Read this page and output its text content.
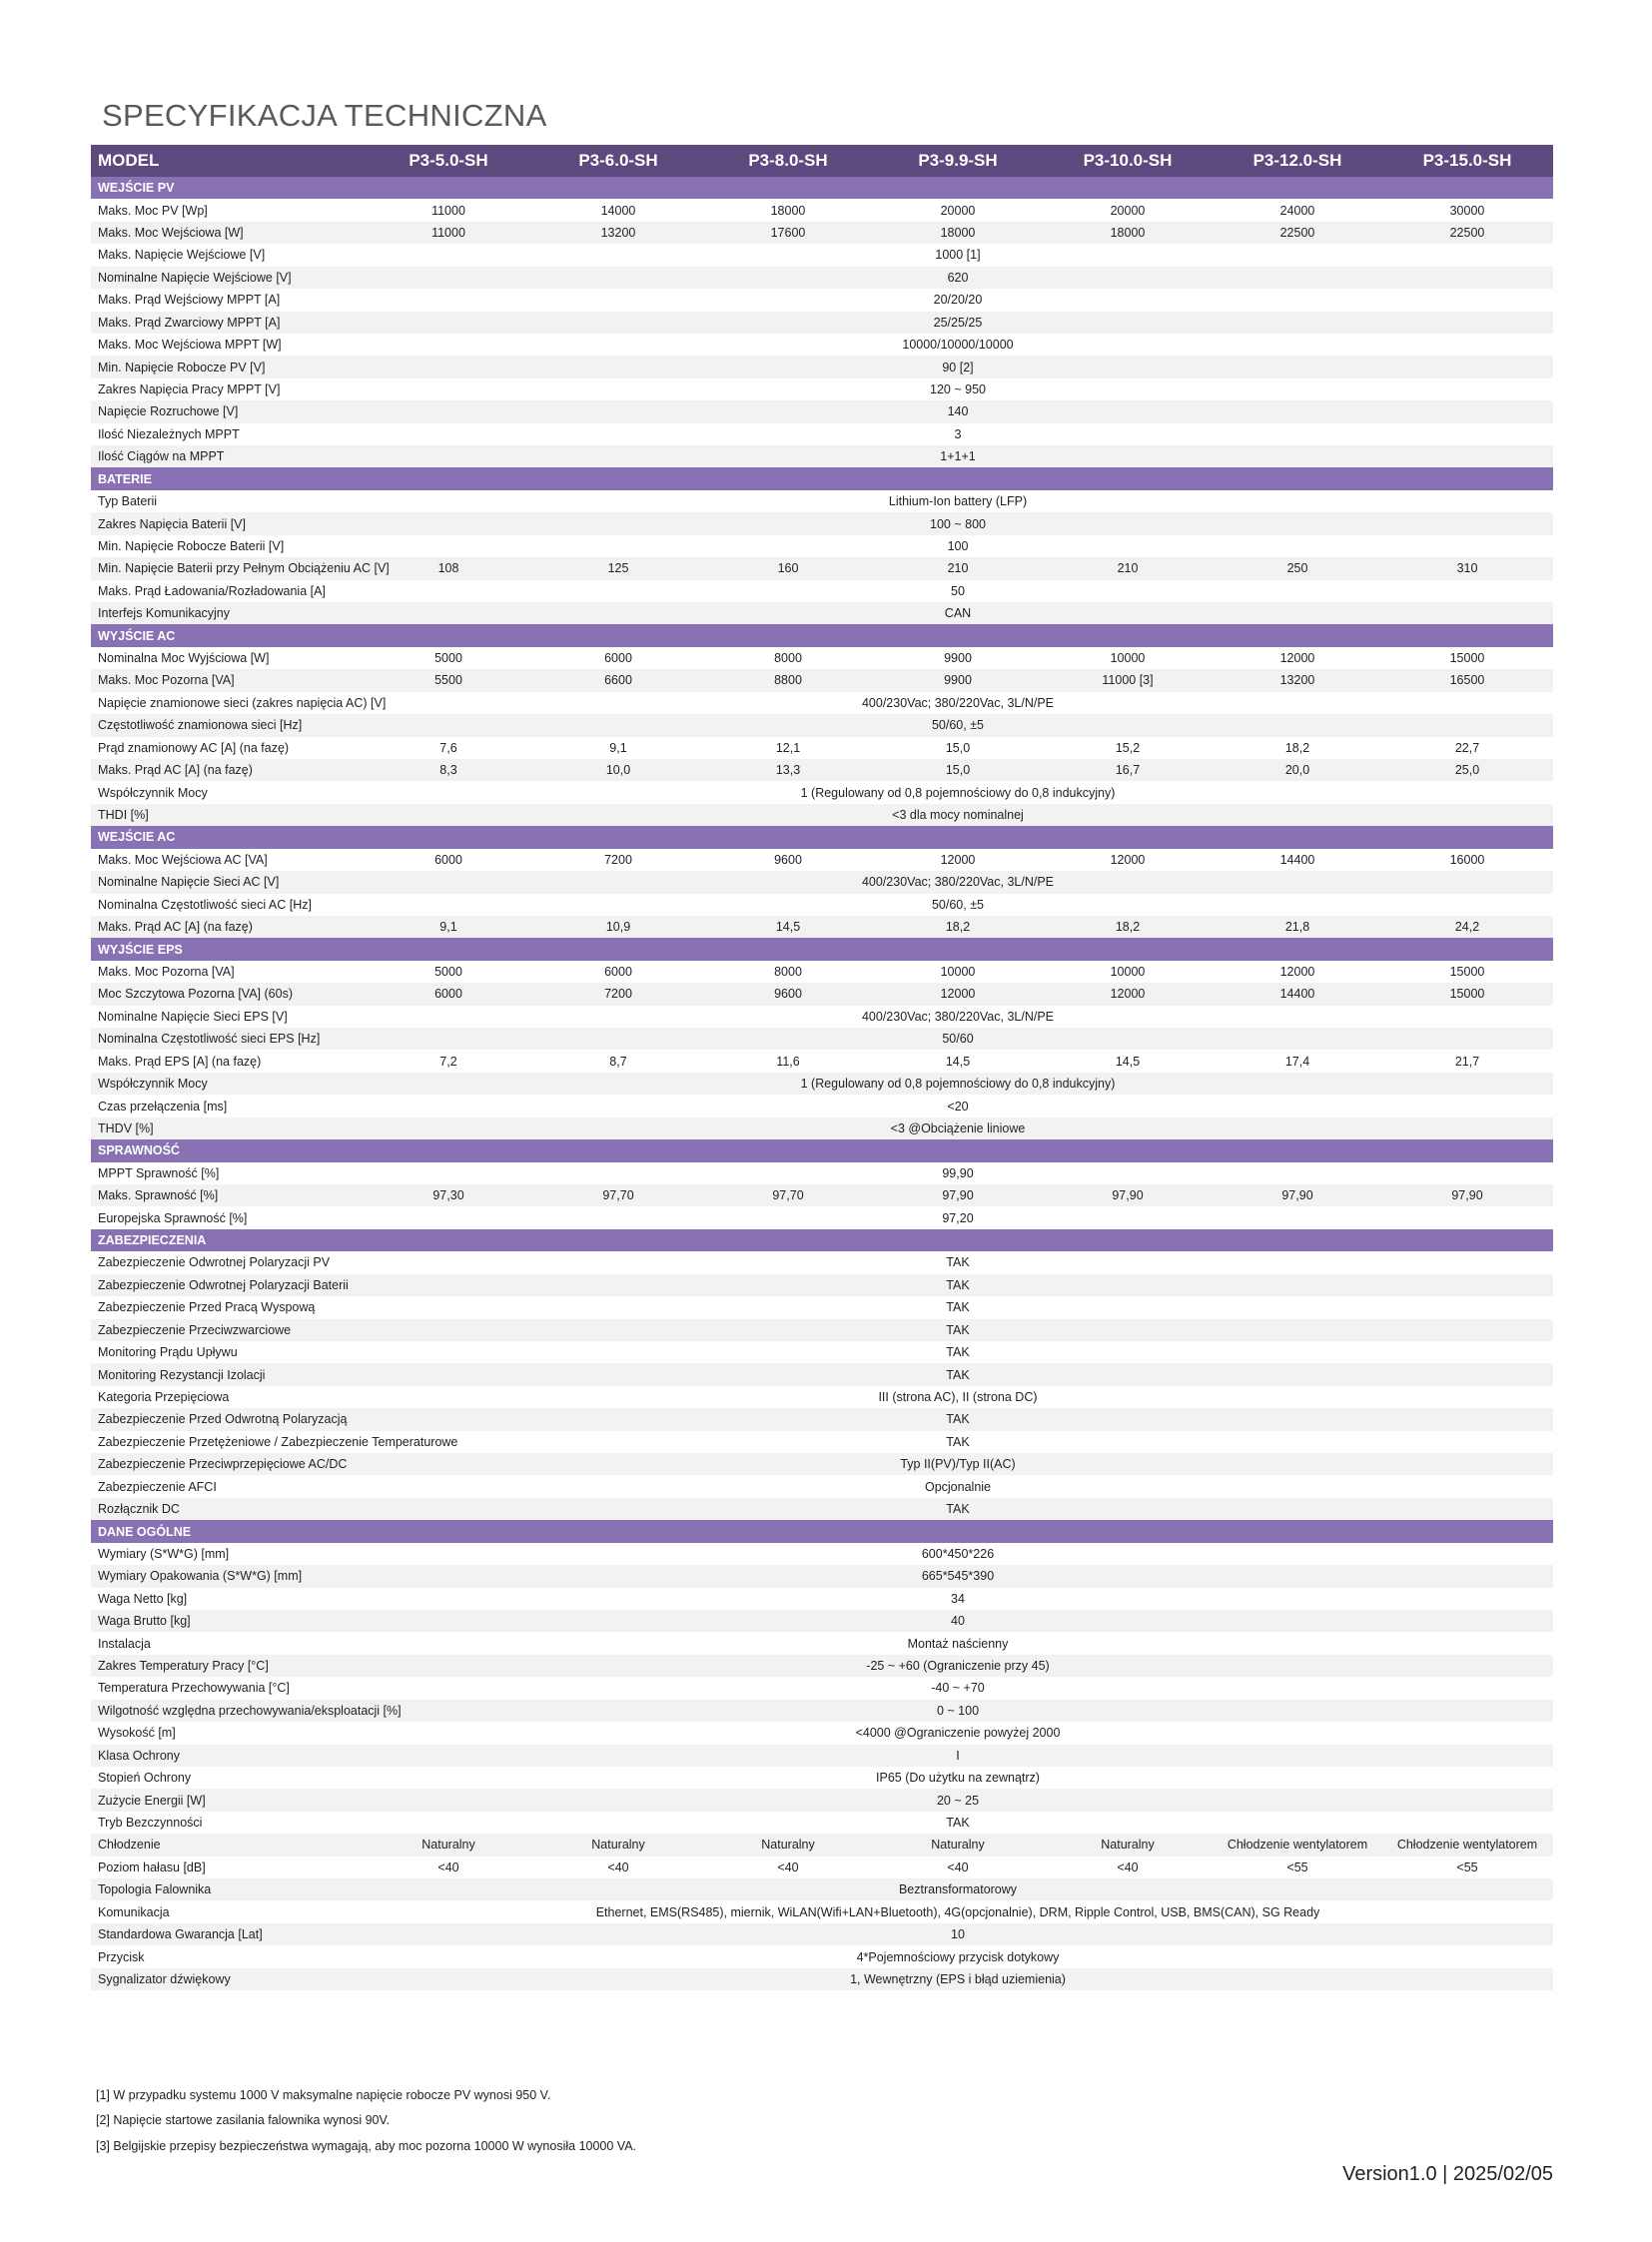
SPECYFIKACJA TECHNICZNA
MODEL	P3-5.0-SH	P3-6.0-SH	P3-8.0-SH	P3-9.9-SH	P3-10.0-SH	P3-12.0-SH	P3-15.0-SH
WEJŚCIE PV
Maks. Moc PV [Wp]	11000	14000	18000	20000	20000	24000	30000
Maks. Moc Wejściowa [W]	11000	13200	17600	18000	18000	22500	22500
Maks. Napięcie Wejściowe [V]	1000 [1]
Nominalne Napięcie Wejściowe [V]	620
Maks. Prąd Wejściowy MPPT [A]	20/20/20
Maks. Prąd Zwarciowy MPPT [A]	25/25/25
Maks. Moc Wejściowa MPPT [W]	10000/10000/10000
Min. Napięcie Robocze PV [V]	90 [2]
Zakres Napięcia Pracy MPPT [V]	120 ~ 950
Napięcie Rozruchowe [V]	140
Ilość Niezależnych MPPT	3
Ilość Ciągów na MPPT	1+1+1
BATERIE
Typ Baterii	Lithium-Ion battery (LFP)
Zakres Napięcia Baterii [V]	100 ~ 800
Min. Napięcie Robocze Baterii [V]	100
Min. Napięcie Baterii przy Pełnym Obciążeniu AC [V]	108	125	160	210	210	250	310
Maks. Prąd Ładowania/Rozładowania [A]	50
Interfejs Komunikacyjny	CAN
WYJŚCIE AC
Nominalna Moc Wyjściowa [W]	5000	6000	8000	9900	10000	12000	15000
Maks. Moc Pozorna [VA]	5500	6600	8800	9900	11000 [3]	13200	16500
Napięcie znamionowe sieci (zakres napięcia AC) [V]	400/230Vac; 380/220Vac, 3L/N/PE
Częstotliwość znamionowa sieci [Hz]	50/60, ±5
Prąd znamionowy AC [A] (na fazę)	7,6	9,1	12,1	15,0	15,2	18,2	22,7
Maks. Prąd AC [A] (na fazę)	8,3	10,0	13,3	15,0	16,7	20,0	25,0
Współczynnik Mocy	1 (Regulowany od 0,8 pojemnościowy do 0,8 indukcyjny)
THDI [%]	<3 dla mocy nominalnej
WEJŚCIE AC
Maks. Moc Wejściowa AC [VA]	6000	7200	9600	12000	12000	14400	16000
Nominalne Napięcie Sieci AC [V]	400/230Vac; 380/220Vac, 3L/N/PE
Nominalna Częstotliwość sieci AC [Hz]	50/60, ±5
Maks. Prąd AC [A] (na fazę)	9,1	10,9	14,5	18,2	18,2	21,8	24,2
WYJŚCIE EPS
Maks. Moc Pozorna [VA]	5000	6000	8000	10000	10000	12000	15000
Moc Szczytowa Pozorna [VA] (60s)	6000	7200	9600	12000	12000	14400	15000
Nominalne Napięcie Sieci EPS [V]	400/230Vac; 380/220Vac, 3L/N/PE
Nominalna Częstotliwość sieci EPS [Hz]	50/60
Maks. Prąd EPS [A] (na fazę)	7,2	8,7	11,6	14,5	14,5	17,4	21,7
Współczynnik Mocy	1 (Regulowany od 0,8 pojemnościowy do 0,8 indukcyjny)
Czas przełączenia [ms]	<20
THDV [%]	<3 @Obciążenie liniowe
SPRAWNOŚĆ
MPPT Sprawność [%]	99,90
Maks. Sprawność [%]	97,30	97,70	97,70	97,90	97,90	97,90	97,90
Europejska Sprawność [%]	97,20
ZABEZPIECZENIA
Zabezpieczenie Odwrotnej Polaryzacji PV	TAK
Zabezpieczenie Odwrotnej Polaryzacji Baterii	TAK
Zabezpieczenie Przed Pracą Wyspową	TAK
Zabezpieczenie Przeciwzwarciowe	TAK
Monitoring Prądu Upływu	TAK
Monitoring Rezystancji Izolacji	TAK
Kategoria Przepięciowa	III (strona AC), II (strona DC)
Zabezpieczenie Przed Odwrotną Polaryzacją	TAK
Zabezpieczenie Przetężeniowe / Zabezpieczenie Temperaturowe	TAK
Zabezpieczenie Przeciwprzepięciowe AC/DC	Typ II(PV)/Typ II(AC)
Zabezpieczenie AFCI	Opcjonalnie
Rozłącznik DC	TAK
DANE OGÓLNE
Wymiary (S*W*G) [mm]	600*450*226
Wymiary Opakowania (S*W*G) [mm]	665*545*390
Waga Netto [kg]	34
Waga Brutto [kg]	40
Instalacja	Montaż naścienny
Zakres Temperatury Pracy [°C]	-25 ~ +60 (Ograniczenie przy 45)
Temperatura Przechowywania [°C]	-40 ~ +70
Wilgotność względna przechowywania/eksploatacji [%]	0 ~ 100
Wysokość [m]	<4000 @Ograniczenie powyżej 2000
Klasa Ochrony	I
Stopień Ochrony	IP65 (Do użytku na zewnątrz)
Zużycie Energii [W]	20 ~ 25
Tryb Bezczynności	TAK
Chłodzenie	Naturalny	Naturalny	Naturalny	Naturalny	Naturalny	Chłodzenie wentylatorem	Chłodzenie wentylatorem
Poziom hałasu [dB]	<40	<40	<40	<40	<40	<55	<55
Topologia Falownika	Beztransformatorowy
Komunikacja	Ethernet, EMS(RS485), miernik, WiLAN(Wifi+LAN+Bluetooth), 4G(opcjonalnie), DRM, Ripple Control, USB, BMS(CAN), SG Ready
Standardowa Gwarancja [Lat]	10
Przycisk	4*Pojemnościowy przycisk dotykowy
Sygnalizator dźwiękowy	1, Wewnętrzny (EPS i błąd uziemienia)
[1] W przypadku systemu 1000 V maksymalne napięcie robocze PV wynosi 950 V.
[2] Napięcie startowe zasilania falownika wynosi 90V.
[3] Belgijskie przepisy bezpieczeństwa wymagają, aby moc pozorna 10000 W wynosiła 10000 VA.
Version1.0 | 2025/02/05
